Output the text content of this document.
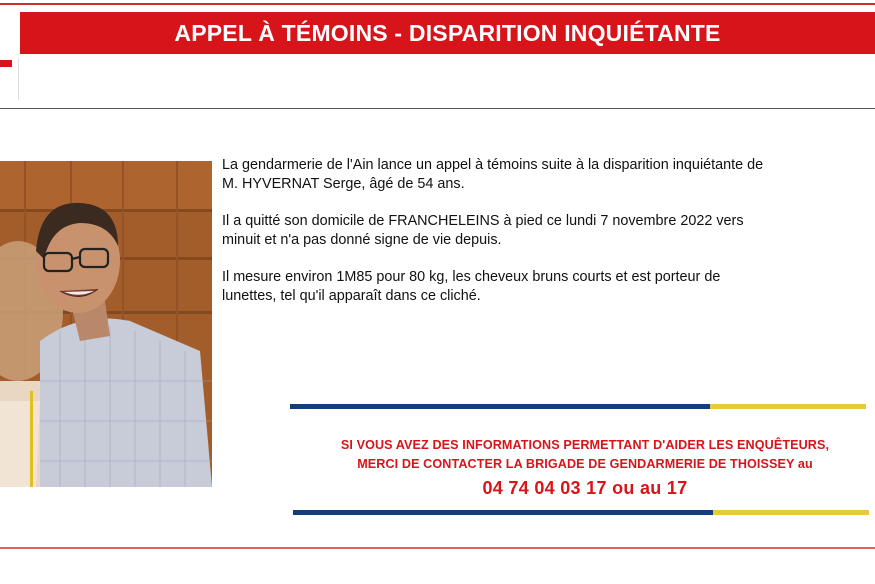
APPEL À TÉMOINS - DISPARITION INQUIÉTANTE

La gendarmerie de l'Ain lance un appel à témoins suite à la disparition inquiétante de
M. HYVERNAT Serge, âgé de 54 ans.

Il a quitté son domicile de FRANCHELEINS à pied ce lundi 7 novembre 2022 vers
minuit et n'a pas donné signe de vie depuis.

Il mesure environ 1M85 pour 80 kg, les cheveux bruns courts et est porteur de
lunettes, tel qu'il apparaît dans ce cliché.

SI VOUS AVEZ DES INFORMATIONS PERMETTANT D'AIDER LES ENQUÊTEURS,
MERCI DE CONTACTER LA BRIGADE DE GENDARMERIE DE THOISSEY au
04 74 04 03 17 ou au 17
